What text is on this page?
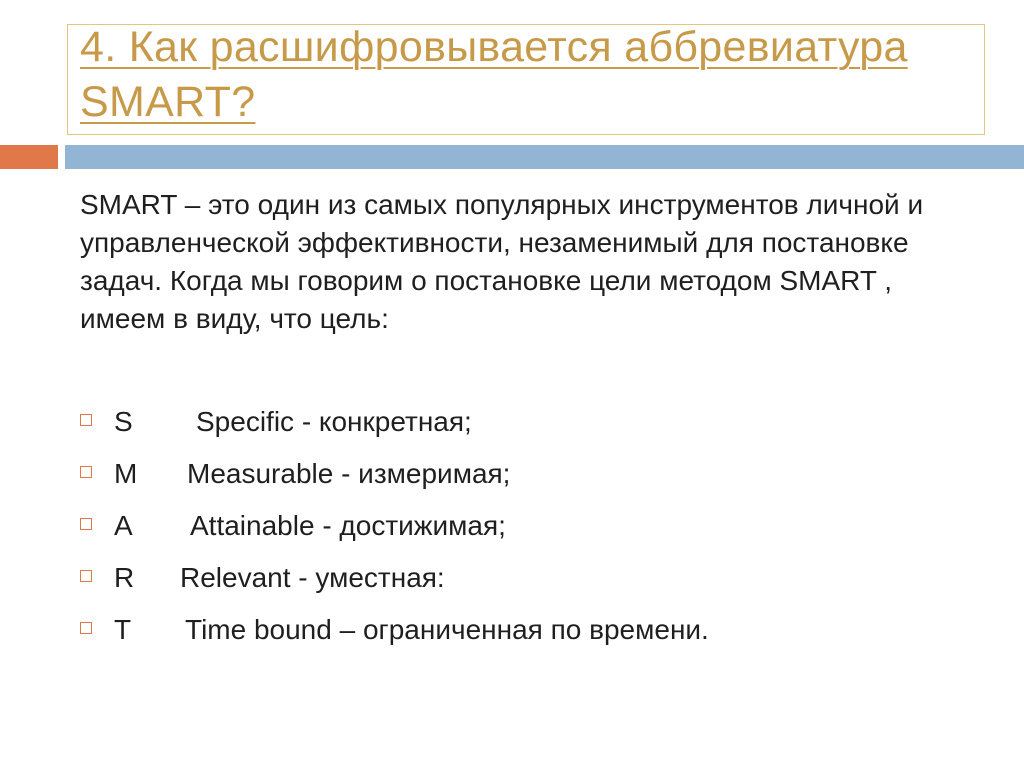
4. Как расшифровывается аббревиатура SMART?

SMART – это один из самых популярных инструментов личной и управленческой эффективности, незаменимый для постановке задач. Когда мы говорим о постановке цели методом SMART , имеем в виду, что цель:

S Specific - конкретная;
M Measurable - измеримая;
A Attainable - достижимая;
R Relevant - уместная:
T Time bound – ограниченная по времени.
